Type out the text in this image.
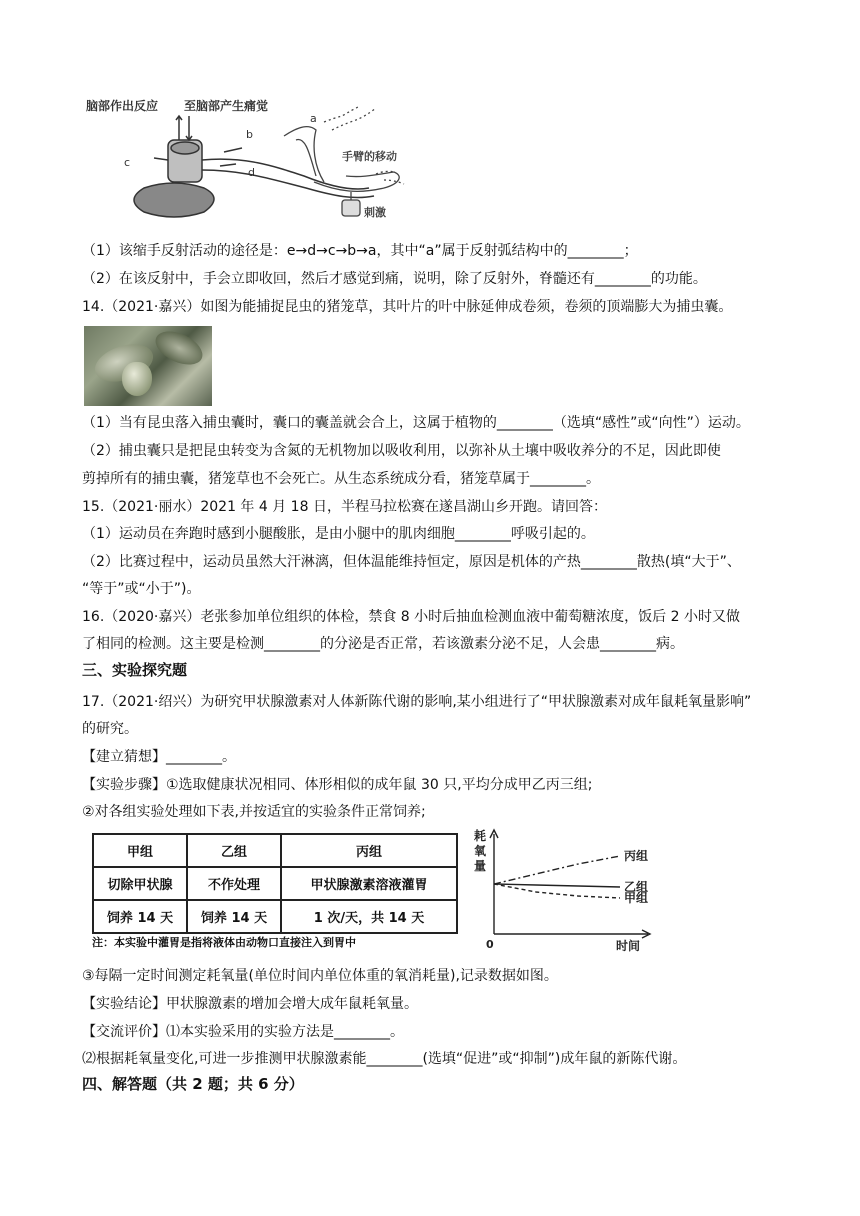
脑部作出反应 至脑部产生痛觉
a
b
c
d
手臂的移动
刺激
（1）该缩手反射活动的途径是：e→d→c→b→a，其中“a”属于反射弧结构中的________；
（2）在该反射中，手会立即收回，然后才感觉到痛，说明，除了反射外，脊髓还有________的功能。
14.（2021·嘉兴）如图为能捕捉昆虫的猪笼草，其叶片的叶中脉延伸成卷须，卷须的顶端膨大为捕虫囊。
（1）当有昆虫落入捕虫囊时，囊口的囊盖就会合上，这属于植物的________（选填“感性”或“向性”）运动。
（2）捕虫囊只是把昆虫转变为含氮的无机物加以吸收利用，以弥补从土壤中吸收养分的不足，因此即使
剪掉所有的捕虫囊，猪笼草也不会死亡。从生态系统成分看，猪笼草属于________。
15.（2021·丽水）2021 年 4 月 18 日，半程马拉松赛在遂昌湖山乡开跑。请回答：
（1）运动员在奔跑时感到小腿酸胀，是由小腿中的肌肉细胞________呼吸引起的。
（2）比赛过程中，运动员虽然大汗淋漓，但体温能维持恒定，原因是机体的产热________散热(填“大于”、
“等于”或“小于”)。
16.（2020·嘉兴）老张参加单位组织的体检，禁食 8 小时后抽血检测血液中葡萄糖浓度，饭后 2 小时又做
了相同的检测。这主要是检测________的分泌是否正常，若该激素分泌不足，人会患________病。
三、实验探究题
17.（2021·绍兴）为研究甲状腺激素对人体新陈代谢的影响,某小组进行了“甲状腺激素对成年鼠耗氧量影响”
的研究。
【建立猜想】________。
【实验步骤】①选取健康状况相同、体形相似的成年鼠 30 只,平均分成甲乙丙三组;
②对各组实验处理如下表,并按适宜的实验条件正常饲养;
甲组	乙组	丙组
切除甲状腺	不作处理	甲状腺激素溶液灌胃
饲养 14 天	饲养 14 天	1 次/天，共 14 天
注：本实验中灌胃是指将液体由动物口直接注入到胃中
耗
氧
量
0	时间
丙组
乙组
甲组
③每隔一定时间测定耗氧量(单位时间内单位体重的氧消耗量),记录数据如图。
【实验结论】甲状腺激素的增加会增大成年鼠耗氧量。
【交流评价】⑴本实验采用的实验方法是________。
⑵根据耗氧量变化,可进一步推测甲状腺激素能________(选填“促进”或“抑制”)成年鼠的新陈代谢。
四、解答题（共 2 题；共 6 分）
